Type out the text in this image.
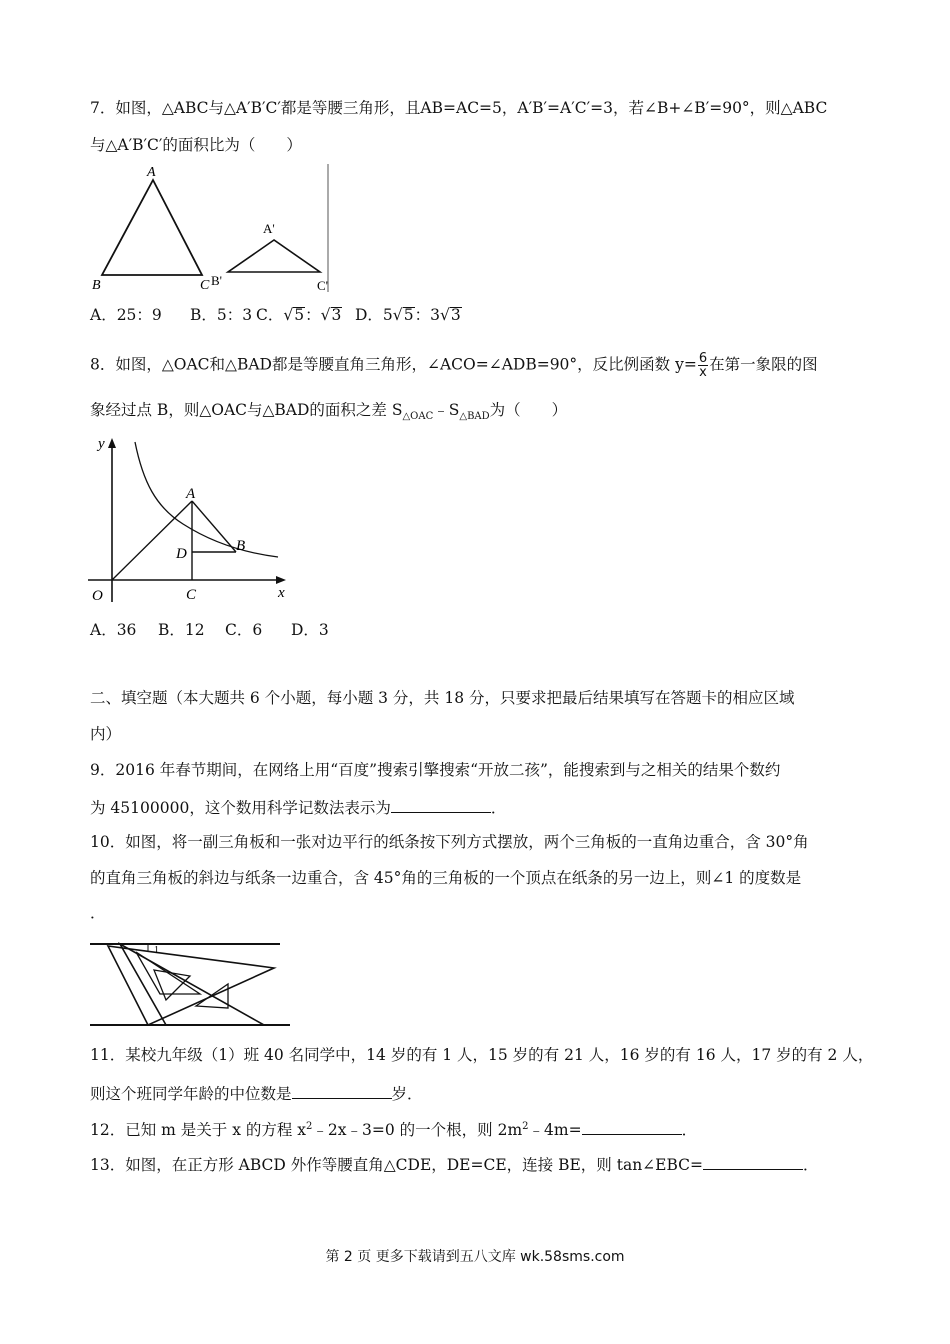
7．如图，△ABC与△A′B′C′都是等腰三角形，且AB=AC=5，A′B′=A′C′=3，若∠B+∠B′=90°，则△ABC
与△A′B′C′的面积比为（　　）
A
B	C
A'
B'	C'
A．25：9 B．5：3 C．√5：√3 D．5√5：3√3
8．如图，△OAC和△BAD都是等腰直角三角形，∠ACO=∠ADB=90°，反比例函数 $y= \frac{6}{x}$ 在第一象限的图
象经过点 B，则△OAC与△BAD的面积之差 $S_{\triangle OAC}﹣S_{\triangle BAD}$为（　　）
y
x
O
A
B
C
D
A．36 B．12 C．6 D．3
二、填空题（本大题共 6 个小题，每小题 3 分，共 18 分，只要求把最后结果填写在答题卡的相应区域
内）
9．2016 年春节期间，在网络上用“百度”搜索引擎搜索“开放二孩”，能搜索到与之相关的结果个数约
为 45100000，这个数用科学记数法表示为	．
10．如图，将一副三角板和一张对边平行的纸条按下列方式摆放，两个三角板的一直角边重合，含 30°角
的直角三角板的斜边与纸条一边重合，含 45°角的三角板的一个顶点在纸条的另一边上，则∠1 的度数是
．
1
11．某校九年级（1）班 40 名同学中，14 岁的有 1 人，15 岁的有 21 人，16 岁的有 16 人，17 岁的有 2 人，
则这个班同学年龄的中位数是	岁．
12．已知 m 是关于 x 的方程 $x^2﹣2x﹣3=0$ 的一个根，则 $2m^2﹣4m=$	．
13．如图，在正方形 ABCD 外作等腰直角△CDE，DE=CE，连接 BE，则 tan∠EBC=	．
第 2 页 更多下载请到五八文库 wk.58sms.com
